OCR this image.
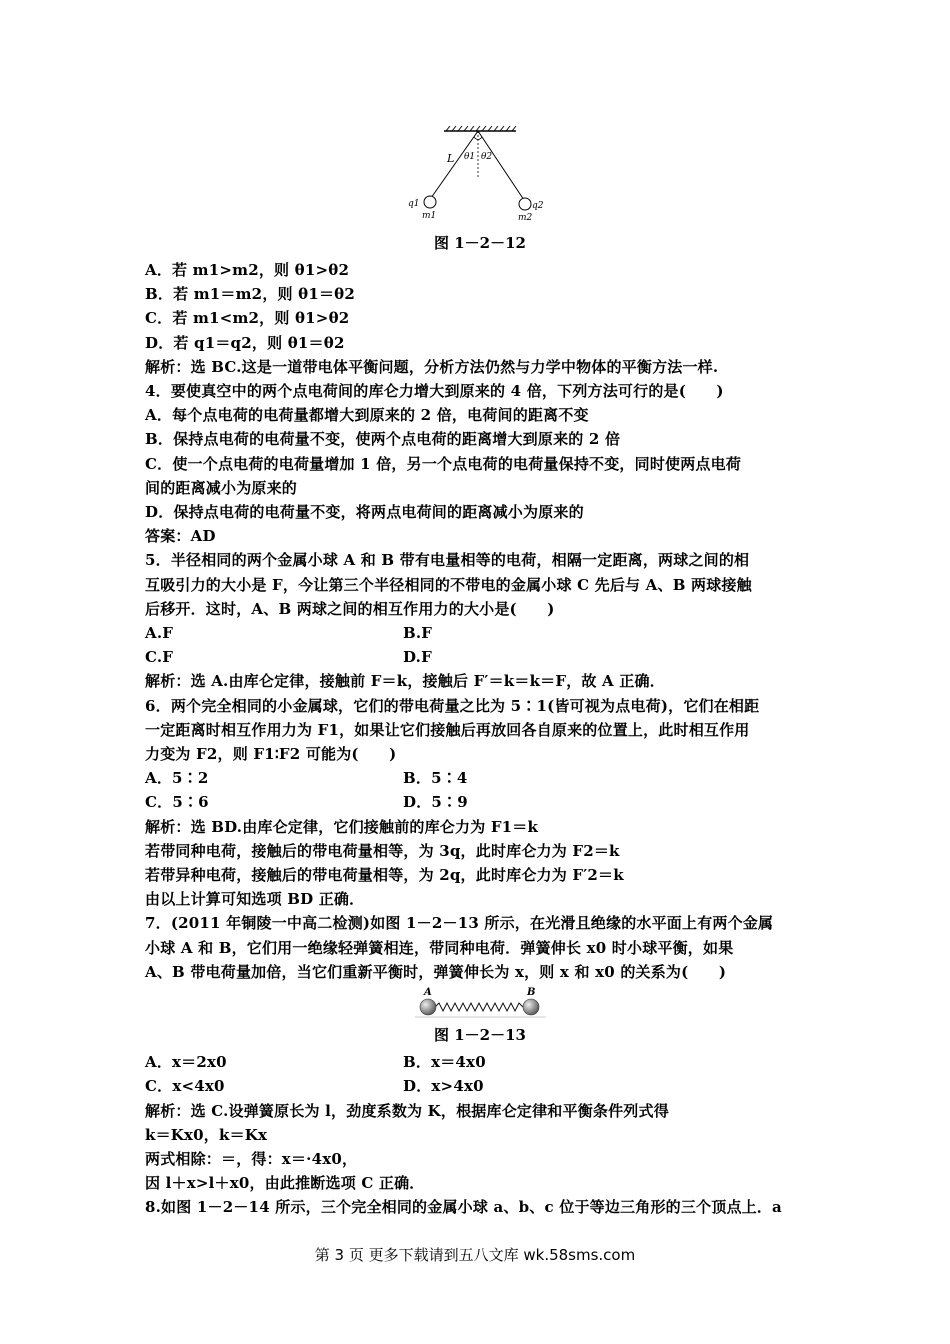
L θ1 θ2
q1
m1
q2
m2
图 1－2－12
A．若 m1>m2，则 θ1>θ2
B．若 m1＝m2，则 θ1＝θ2
C．若 m1<m2，则 θ1>θ2
D．若 q1＝q2，则 θ1＝θ2
解析：选 BC.这是一道带电体平衡问题，分析方法仍然与力学中物体的平衡方法一样.
4．要使真空中的两个点电荷间的库仑力增大到原来的 4 倍，下列方法可行的是(　　)
A．每个点电荷的电荷量都增大到原来的 2 倍，电荷间的距离不变
B．保持点电荷的电荷量不变，使两个点电荷的距离增大到原来的 2 倍
C．使一个点电荷的电荷量增加 1 倍，另一个点电荷的电荷量保持不变，同时使两点电荷
间的距离减小为原来的
D．保持点电荷的电荷量不变，将两点电荷间的距离减小为原来的
答案：AD
5．半径相同的两个金属小球 A 和 B 带有电量相等的电荷，相隔一定距离，两球之间的相
互吸引力的大小是 F，今让第三个半径相同的不带电的金属小球 C 先后与 A、B 两球接触
后移开．这时，A、B 两球之间的相互作用力的大小是(　　)
A.F	B.F
C.F	D.F
解析：选 A.由库仑定律，接触前 F＝k，接触后 F′＝k＝k＝F，故 A 正确．
6．两个完全相同的小金属球，它们的带电荷量之比为 5∶1(皆可视为点电荷)，它们在相距
一定距离时相互作用力为 F1，如果让它们接触后再放回各自原来的位置上，此时相互作用
力变为 F2，则 F1∶F2 可能为(　　)
A．5∶2	B．5∶4
C．5∶6	D．5∶9
解析：选 BD.由库仑定律，它们接触前的库仑力为 F1＝k
若带同种电荷，接触后的带电荷量相等，为 3q，此时库仑力为 F2＝k
若带异种电荷，接触后的带电荷量相等，为 2q，此时库仑力为 F′2＝k
由以上计算可知选项 BD 正确．
7．(2011 年铜陵一中高二检测)如图 1－2－13 所示，在光滑且绝缘的水平面上有两个金属
小球 A 和 B，它们用一绝缘轻弹簧相连，带同种电荷．弹簧伸长 x0 时小球平衡，如果
A、B 带电荷量加倍，当它们重新平衡时，弹簧伸长为 x，则 x 和 x0 的关系为(　　)
A	B
图 1－2－13
A．x＝2x0	B．x＝4x0
C．x<4x0	D．x>4x0
解析：选 C.设弹簧原长为 l，劲度系数为 K，根据库仑定律和平衡条件列式得
k＝Kx0，k＝Kx
两式相除：＝，得：x＝·4x0，
因 l＋x>l＋x0，由此推断选项 C 正确．
8.如图 1－2－14 所示，三个完全相同的金属小球 a、b、c 位于等边三角形的三个顶点上．a
第 3 页 更多下载请到五八文库 wk.58sms.com
